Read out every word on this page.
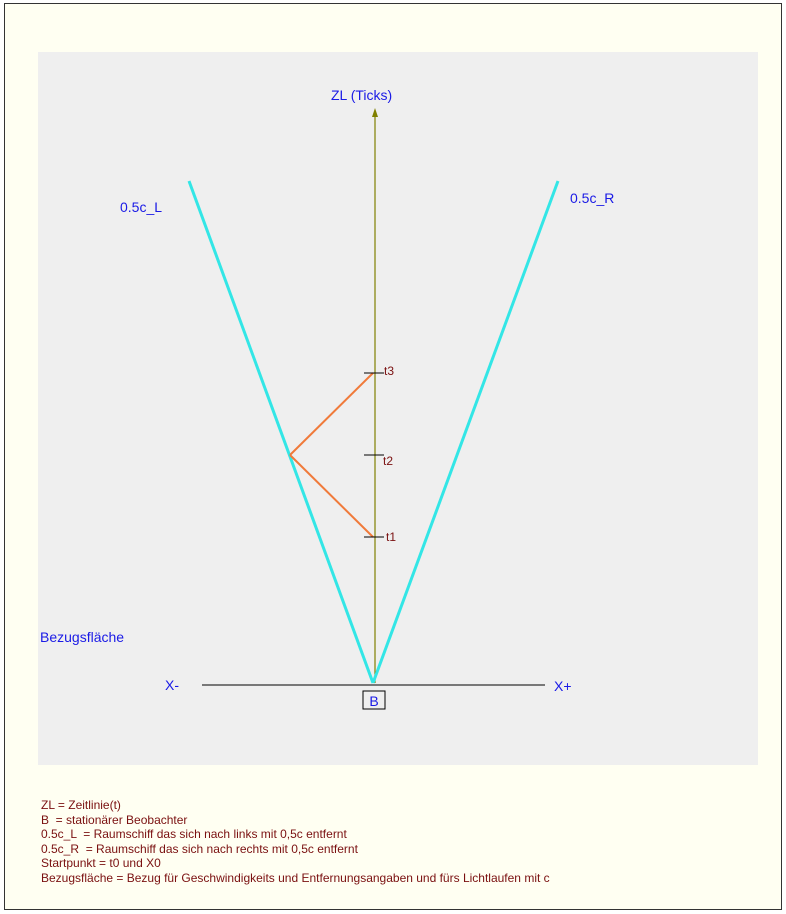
t1
t2
t3
ZL (Ticks)
0.5c_L
0.5c_R
Bezugsfläche
X-	X+
B
ZL = Zeitlinie(t)
B  = stationärer Beobachter
0.5c_L  = Raumschiff das sich nach links mit 0,5c entfernt
0.5c_R  = Raumschiff das sich nach rechts mit 0,5c entfernt
Startpunkt = t0 und X0
Bezugsfläche = Bezug für Geschwindigkeits und Entfernungsangaben und fürs Lichtlaufen mit c
